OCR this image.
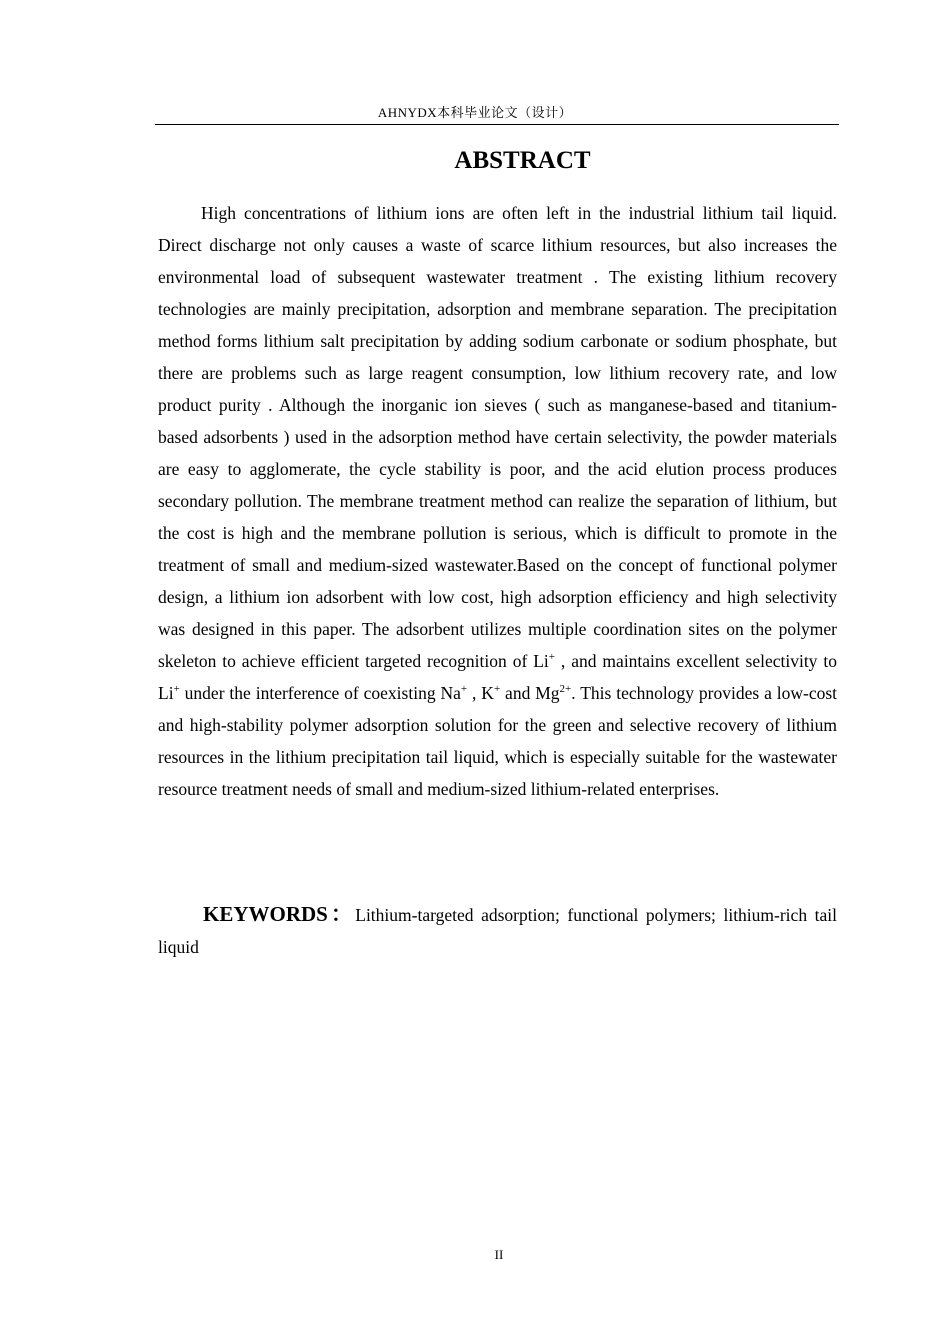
AHNYDX本科毕业论文（设计）
ABSTRACT

High concentrations of lithium ions are often left in the industrial lithium tail liquid. Direct discharge not only causes a waste of scarce lithium resources, but also increases the environmental load of subsequent wastewater treatment . The existing lithium recovery technologies are mainly precipitation, adsorption and membrane separation. The precipitation method forms lithium salt precipitation by adding sodium carbonate or sodium phosphate, but there are problems such as large reagent consumption, low lithium recovery rate, and low product purity . Although the inorganic ion sieves ( such as manganese-based and titanium-based adsorbents ) used in the adsorption method have certain selectivity, the powder materials are easy to agglomerate, the cycle stability is poor, and the acid elution process produces secondary pollution. The membrane treatment method can realize the separation of lithium, but the cost is high and the membrane pollution is serious, which is difficult to promote in the treatment of small and medium-sized wastewater.Based on the concept of functional polymer design, a lithium ion adsorbent with low cost, high adsorption efficiency and high selectivity was designed in this paper. The adsorbent utilizes multiple coordination sites on the polymer skeleton to achieve efficient targeted recognition of Li+ , and maintains excellent selectivity to Li+ under the interference of coexisting Na+ , K+ and $Mg^{2+}$. This technology provides a low-cost and high-stability polymer adsorption solution for the green and selective recovery of lithium resources in the lithium precipitation tail liquid, which is especially suitable for the wastewater resource treatment needs of small and medium-sized lithium-related enterprises.

KEYWORDS：Lithium-targeted adsorption; functional polymers; lithium-rich tail liquid

II
